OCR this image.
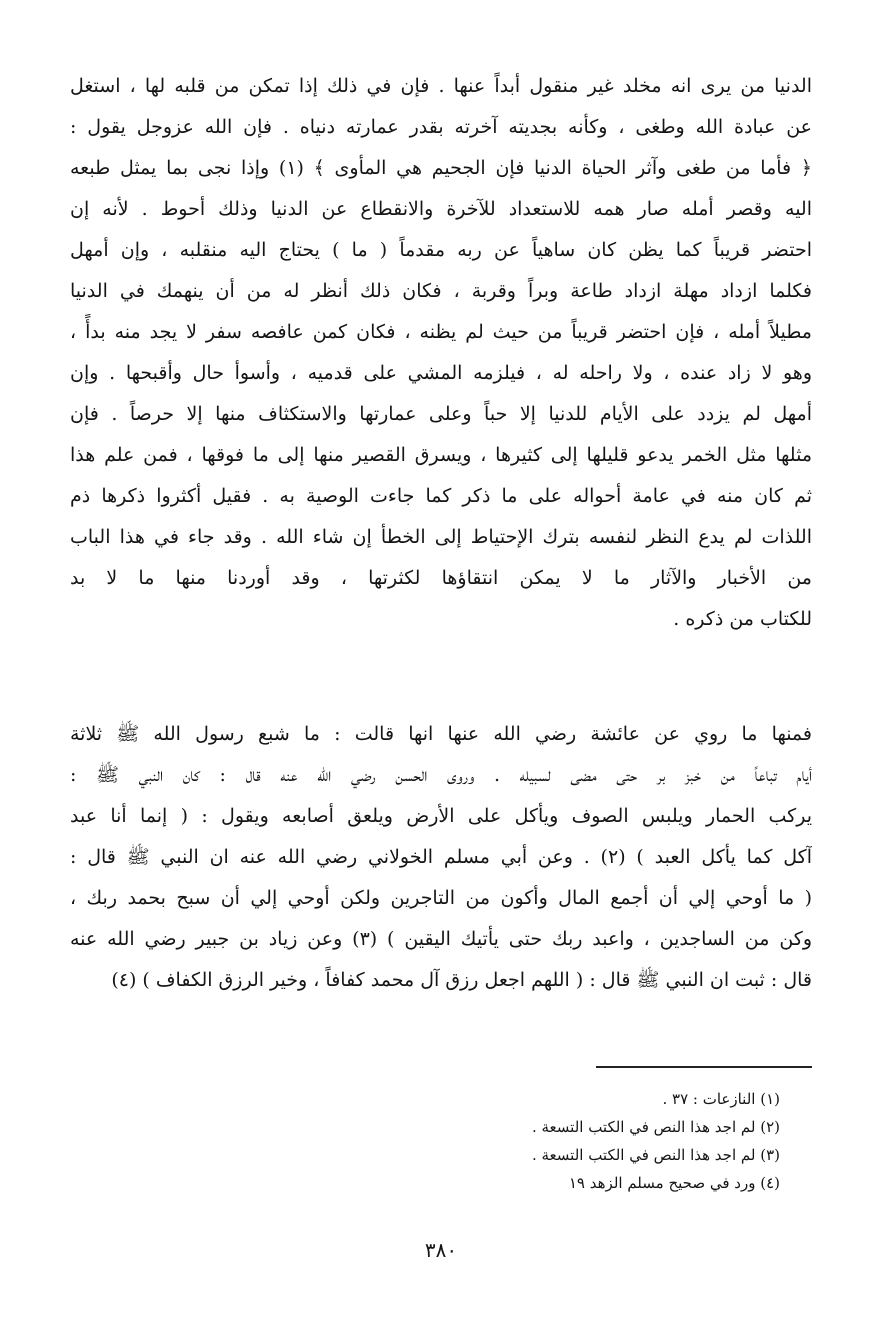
الدنيا من يرى انه مخلد غير منقول أبداً عنها . فإن في ذلك إذا تمكن من قلبه لها ، استغل
عن عبادة الله وطغى ، وكأنه بجديته آخرته بقدر عمارته دنياه . فإن الله عزوجل يقول :
﴿ فأما من طغى وآثر الحياة الدنيا فإن الجحيم هي المأوى ﴾ (١) وإذا نجى بما يمثل طبعه
اليه وقصر أمله صار همه للاستعداد للآخرة والانقطاع عن الدنيا وذلك أحوط . لأنه إن
احتضر قريباً كما يظن كان ساهياً عن ربه مقدماً ( ما ) يحتاج اليه منقلبه ، وإن أمهل
فكلما ازداد مهلة ازداد طاعة وبراً وقربة ، فكان ذلك أنظر له من أن ينهمك في الدنيا
مطيلاً أمله ، فإن احتضر قريباً من حيث لم يظنه ، فكان كمن عافصه سفر لا يجد منه بدأً ،
وهو لا زاد عنده ، ولا راحله له ، فيلزمه المشي على قدميه ، وأسوأ حال وأقبحها . وإن
أمهل لم يزدد على الأيام للدنيا إلا حباً وعلى عمارتها والاستكثاف منها إلا حرصاً . فإن
مثلها مثل الخمر يدعو قليلها إلى كثيرها ، ويسرق القصير منها إلى ما فوقها ، فمن علم هذا
ثم كان منه في عامة أحواله على ما ذكر كما جاءت الوصية به . فقيل أكثروا ذكرها ذم
اللذات لم يدع النظر لنفسه بترك الإحتياط إلى الخطأ إن شاء الله . وقد جاء في هذا الباب
من الأخبار والآثار ما لا يمكن انتقاؤها لكثرتها ، وقد أوردنا منها ما لا بد
للكتاب من ذكره .
فمنها ما روي عن عائشة رضي الله عنها انها قالت : ما شبع رسول الله ﷺ ثلاثة
أيام تباعاً من خبز بر حتى مضى لسبيله . وروى الحسن رضي الله عنه قال : كان النبي ﷺ :
يركب الحمار ويلبس الصوف ويأكل على الأرض ويلعق أصابعه ويقول : ( إنما أنا عبد
آكل كما يأكل العبد ) (٢) . وعن أبي مسلم الخولاني رضي الله عنه ان النبي ﷺ قال :
( ما أوحي إلي أن أجمع المال وأكون من التاجرين ولكن أوحي إلي أن سبح بحمد ربك ،
وكن من الساجدين ، واعبد ربك حتى يأتيك اليقين ) (٣) وعن زياد بن جبير رضي الله عنه
قال : ثبت ان النبي ﷺ قال : ( اللهم اجعل رزق آل محمد كفافاً ، وخير الرزق الكفاف ) (٤)
(١) النازعات : ٣٧ .
(٢) لم اجد هذا النص في الكتب التسعة .
(٣) لم اجد هذا النص في الكتب التسعة .
(٤) ورد في صحيح مسلم الزهد ١٩
٣٨٠
